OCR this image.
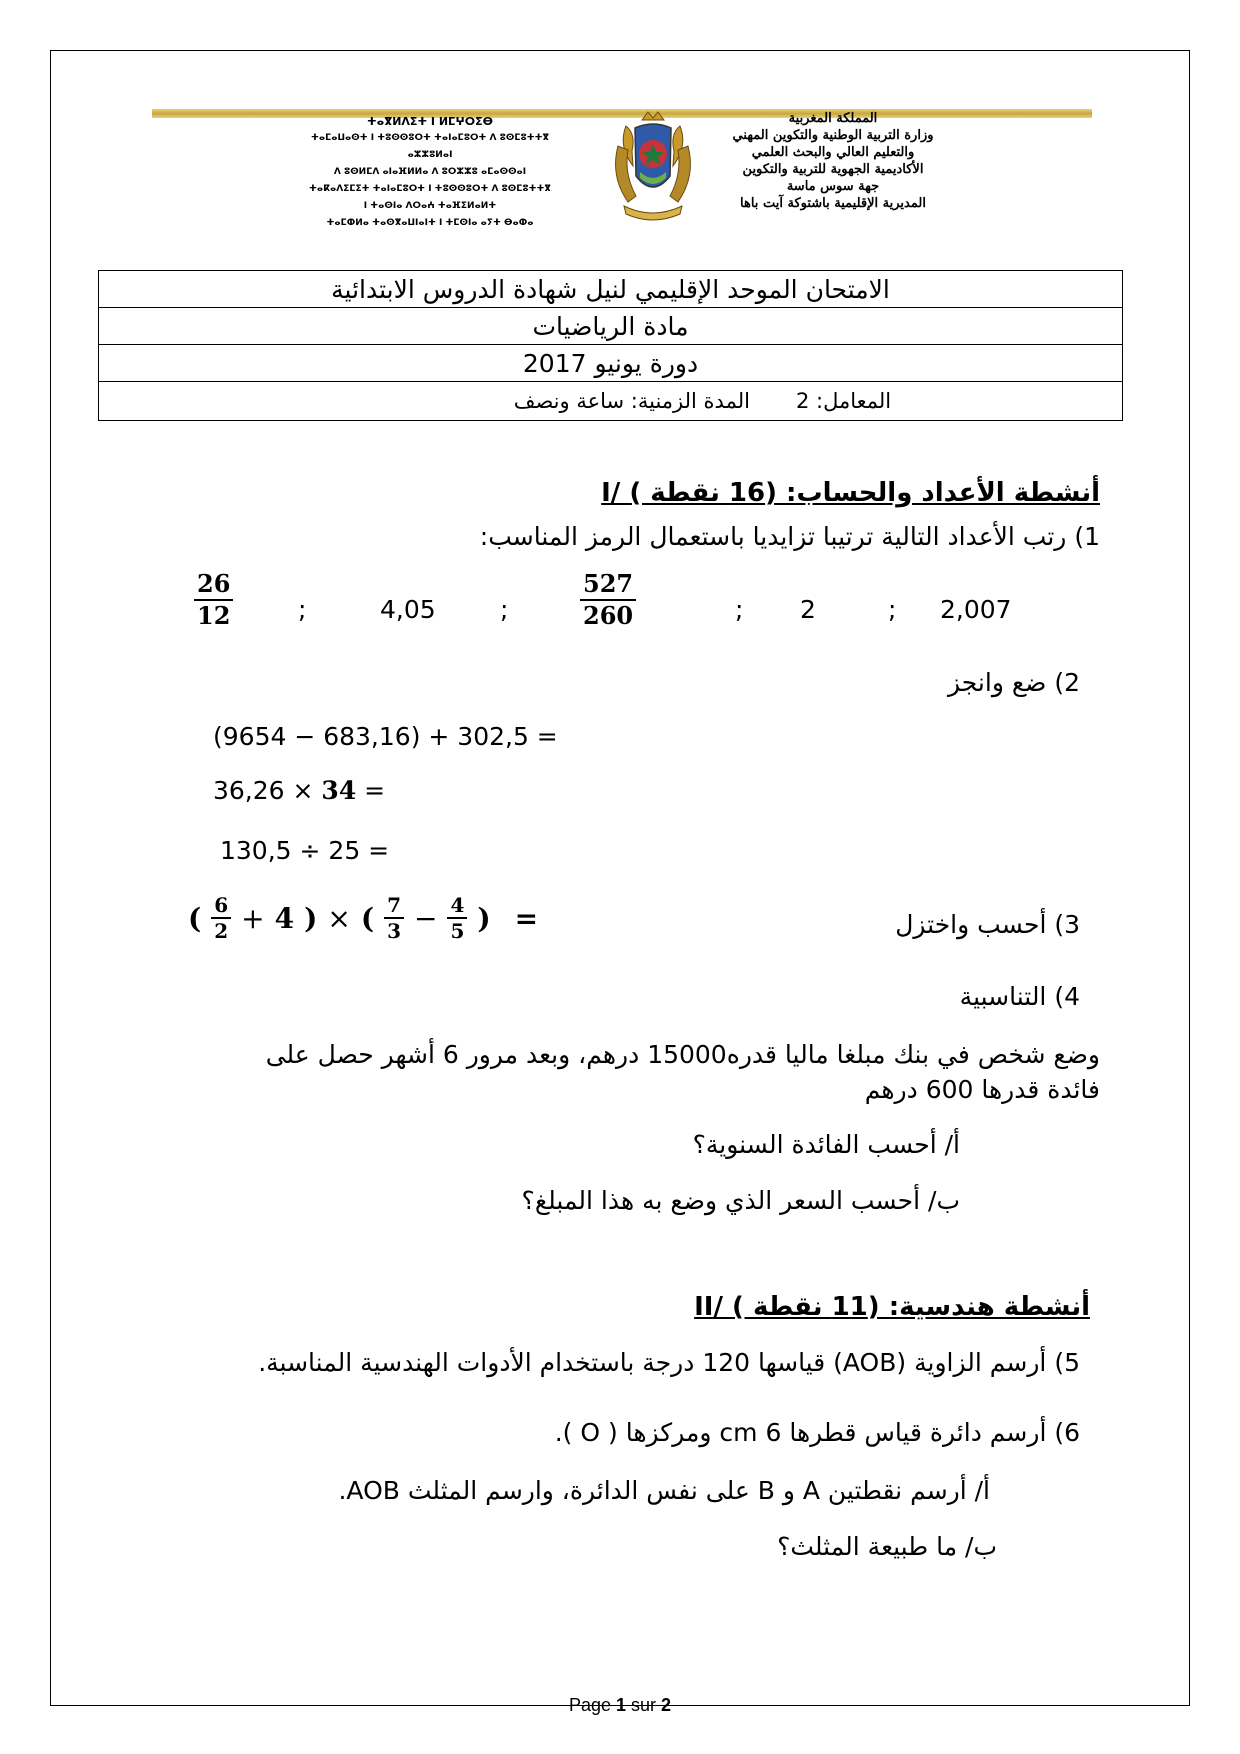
ⵜⴰⴳⵍⴷⵉⵜ ⵏ ⵍⵎⵖⵔⵉⴱ
ⵜⴰⵎⴰⵡⴰⵙⵜ ⵏ ⵜⵓⵙⵙⵓⵔⵜ ⵜⴰⵏⴰⵎⵓⵔⵜ ⴷ ⵓⵙⵎⵓⵜⵜⴳ ⴰⵣⵣⵓⵍⴰⵏ
ⴷ ⵓⵙⵍⵎⴷ ⴰⵏⴰⴼⵍⵍⴰ ⴷ ⵓⵔⵣⵣⵓ ⴰⵎⴰⵙⵙⴰⵏ
ⵜⴰⴽⴰⴷⵉⵎⵉⵜ ⵜⴰⵏⴰⵎⵓⵔⵜ ⵏ ⵜⵓⵙⵙⵓⵔⵜ ⴷ ⵓⵙⵎⵓⵜⵜⴳ
ⵏ ⵜⴰⵙⵏⴰ ⴷⵔⴰⵄ ⵜⴰⴼⵉⵍⴰⵍⵜ
ⵜⴰⵎⵀⵍⴰ ⵜⴰⵙⴳⴰⵡⵏⴰⵏⵜ ⵏ ⵜⵎⵙⵏⴰ ⴰⵢⵜ ⴱⴰⵀⴰ
المملكة المغربية
وزارة التربية الوطنية والتكوين المهني
والتعليم العالي والبحث العلمي
الأكاديمية الجهوية للتربية والتكوين
جهة سوس ماسة
المديرية الإقليمية باشتوكة آيت باها
الامتحان الموحد الإقليمي لنيل شهادة الدروس الابتدائية
مادة الرياضيات
دورة يونيو 2017
المدة الزمنية: ساعة ونصف	المعامل: 2
I/ أنشطة الأعداد والحساب: (16 نقطة )
1) رتب الأعداد التالية ترتيبا تزايديا باستعمال الرمز المناسب:
2,007
;
2
;
$\frac{527}{260}$
;
4,05
;
$\frac{26}{12}$
2) ضع وانجز
(9654 − 683,16) + 302,5 =
36,26 × 34 =
130,5 ÷ 25 =
3) أحسب واختزل
( $\frac{6}{2} + 4$ ) × ( $\frac{7}{3} - \frac{4}{5}$ ) =
4) التناسبية
وضع شخص في بنك مبلغا ماليا قدره15000 درهم، وبعد مرور 6 أشهر حصل على
فائدة قدرها 600 درهم
أ/ أحسب الفائدة السنوية؟
ب/ أحسب السعر الذي وضع به هذا المبلغ؟
II/ أنشطة هندسية: (11 نقطة )
5) أرسم الزاوية (AOB) قياسها 120 درجة باستخدام الأدوات الهندسية المناسبة.
6) أرسم دائرة قياس قطرها 6 cm ومركزها ( O ).
أ/ أرسم نقطتين A و B على نفس الدائرة، وارسم المثلث AOB.
ب/ ما طبيعة المثلث؟
Page 1 sur 2
